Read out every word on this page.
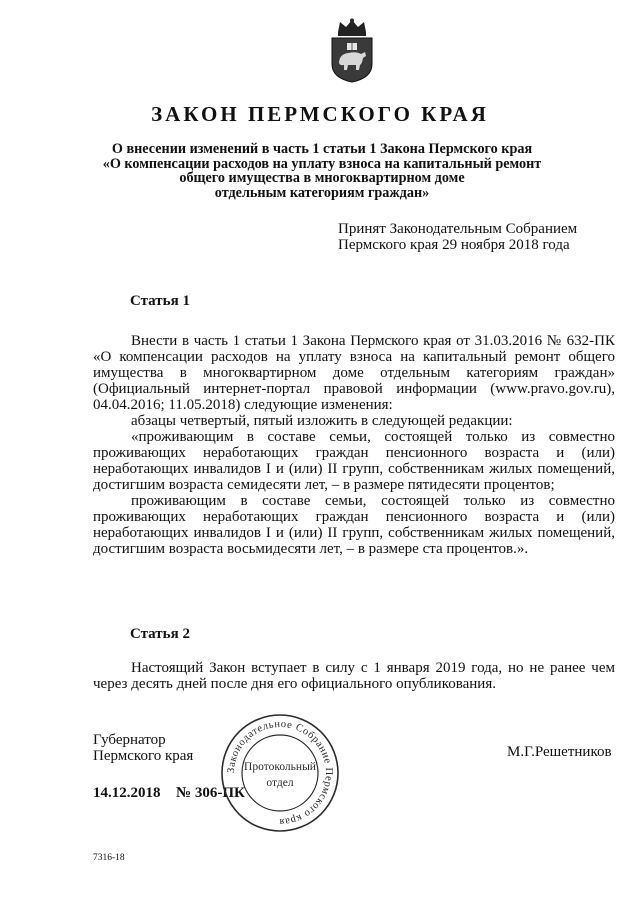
ЗАКОН ПЕРМСКОГО КРАЯ
О внесении изменений в часть 1 статьи 1 Закона Пермского края
«О компенсации расходов на уплату взноса на капитальный ремонт
общего имущества в многоквартирном доме
отдельным категориям граждан»
Принят Законодательным Собранием
Пермского края 29 ноября 2018 года
Статья 1

Внести в часть 1 статьи 1 Закона Пермского края от 31.03.2016 № 632-ПК «О компенсации расходов на уплату взноса на капитальный ремонт общего имущества в многоквартирном доме отдельным категориям граждан» (Официальный интернет-портал правовой информации (www.pravo.gov.ru), 04.04.2016; 11.05.2018) следующие изменения:

абзацы четвертый, пятый изложить в следующей редакции:

«проживающим в составе семьи, состоящей только из совместно проживающих неработающих граждан пенсионного возраста и (или) неработающих инвалидов I и (или) II групп, собственникам жилых помещений, достигшим возраста семидесяти лет, – в размере пятидесяти процентов;

проживающим в составе семьи, состоящей только из совместно проживающих неработающих граждан пенсионного возраста и (или) неработающих инвалидов I и (или) II групп, собственникам жилых помещений, достигшим возраста восьмидесяти лет, – в размере ста процентов.».

Статья 2

Настоящий Закон вступает в силу с 1 января 2019 года, но не ранее чем через десять дней после дня его официального опубликования.

Губернатор
Пермского края	М.Г.Решетников
14.12.2018 № 306-ПК
Законодательное Собрание Пермского края
Протокольный
отдел
7316-18
